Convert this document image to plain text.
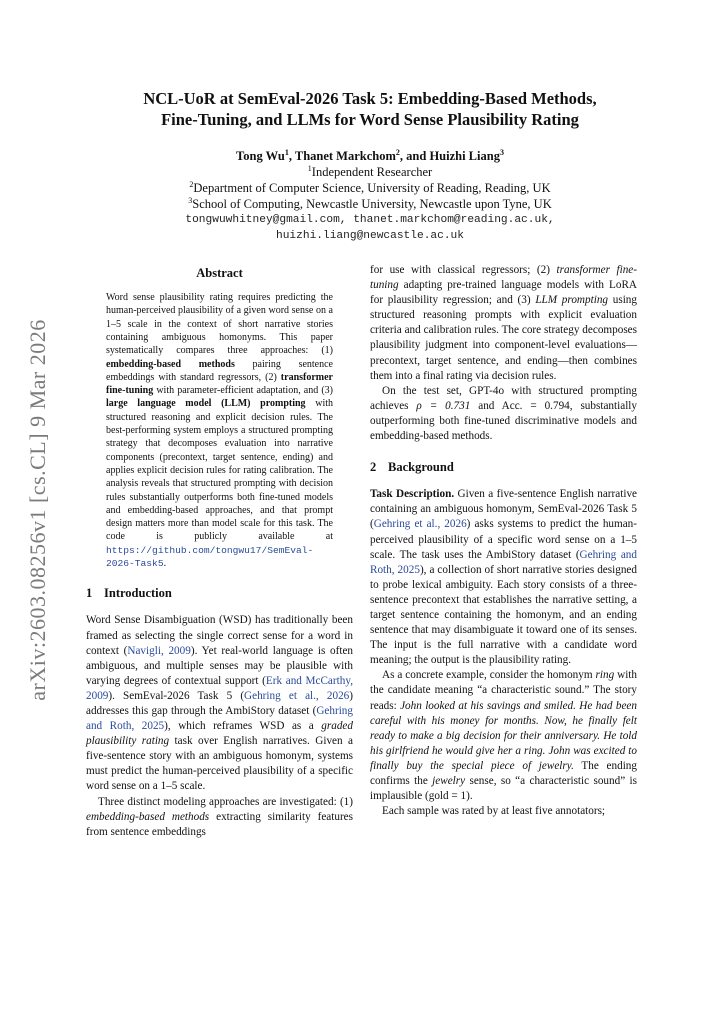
arXiv:2603.08256v1 [cs.CL] 9 Mar 2026
NCL-UoR at SemEval-2026 Task 5: Embedding-Based Methods,
Fine-Tuning, and LLMs for Word Sense Plausibility Rating
Tong Wu$^1$, Thanet Markchom$^2$, and Huizhi Liang$^3$
$^1$Independent Researcher
$^2$Department of Computer Science, University of Reading, Reading, UK
$^3$School of Computing, Newcastle University, Newcastle upon Tyne, UK
tongwuwhitney@gmail.com, thanet.markchom@reading.ac.uk,
huizhi.liang@newcastle.ac.uk
Abstract
Word sense plausibility rating requires predicting the human-perceived plausibility of a given word sense on a 1–5 scale in the context of short narrative stories containing ambiguous homonyms. This paper systematically compares three approaches: (1) embedding-based methods pairing sentence embeddings with standard regressors, (2) transformer fine-tuning with parameter-efficient adaptation, and (3) large language model (LLM) prompting with structured reasoning and explicit decision rules. The best-performing system employs a structured prompting strategy that decomposes evaluation into narrative components (precontext, target sentence, ending) and applies explicit decision rules for rating calibration. The analysis reveals that structured prompting with decision rules substantially outperforms both fine-tuned models and embedding-based approaches, and that prompt design matters more than model scale for this task. The code is publicly available at https://github.com/tongwu17/SemEval-2026-Task5.
1 Introduction

Word Sense Disambiguation (WSD) has traditionally been framed as selecting the single correct sense for a word in context (Navigli, 2009). Yet real-world language is often ambiguous, and multiple senses may be plausible with varying degrees of contextual support (Erk and McCarthy, 2009). SemEval-2026 Task 5 (Gehring et al., 2026) addresses this gap through the AmbiStory dataset (Gehring and Roth, 2025), which reframes WSD as a graded plausibility rating task over English narratives. Given a five-sentence story with an ambiguous homonym, systems must predict the human-perceived plausibility of a specific word sense on a 1–5 scale.

Three distinct modeling approaches are investigated: (1) embedding-based methods extracting similarity features from sentence embeddings

for use with classical regressors; (2) transformer fine-tuning adapting pre-trained language models with LoRA for plausibility regression; and (3) LLM prompting using structured reasoning prompts with explicit evaluation criteria and calibration rules. The core strategy decomposes plausibility judgment into component-level evaluations—precontext, target sentence, and ending—then combines them into a final rating via decision rules.

On the test set, GPT-4o with structured prompting achieves ρ = 0.731 and Acc. = 0.794, substantially outperforming both fine-tuned discriminative models and embedding-based methods.

2 Background

Task Description. Given a five-sentence English narrative containing an ambiguous homonym, SemEval-2026 Task 5 (Gehring et al., 2026) asks systems to predict the human-perceived plausibility of a specific word sense on a 1–5 scale. The task uses the AmbiStory dataset (Gehring and Roth, 2025), a collection of short narrative stories designed to probe lexical ambiguity. Each story consists of a three-sentence precontext that establishes the narrative setting, a target sentence containing the homonym, and an ending sentence that may disambiguate it toward one of its senses. The input is the full narrative with a candidate word meaning; the output is the plausibility rating.

As a concrete example, consider the homonym ring with the candidate meaning “a characteristic sound.” The story reads: John looked at his savings and smiled. He had been careful with his money for months. Now, he finally felt ready to make a big decision for their anniversary. He told his girlfriend he would give her a ring. John was excited to finally buy the special piece of jewelry. The ending confirms the jewelry sense, so “a characteristic sound” is implausible (gold = 1).

Each sample was rated by at least five annotators;
